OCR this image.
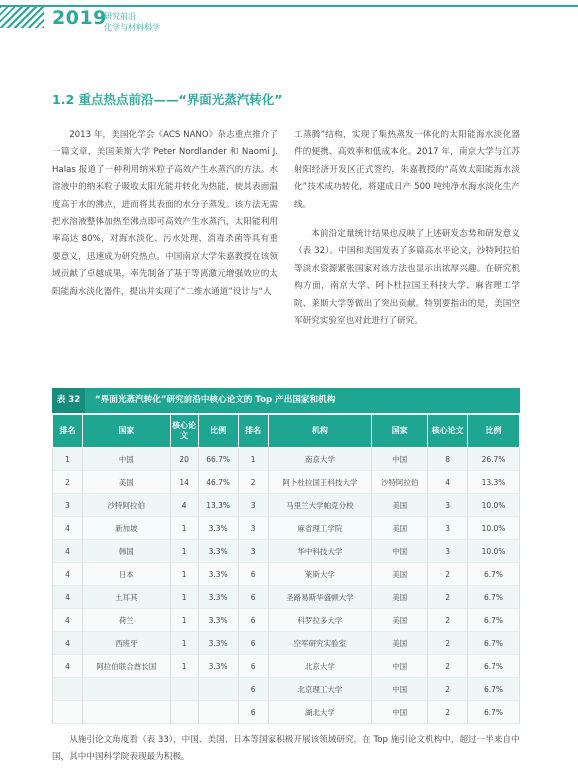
2019
研究前沿
化学与材料科学
1.2 重点热点前沿——“界面光蒸汽转化”

2013 年，美国化学会《ACS NANO》杂志重点推介了一篇文章，美国莱斯大学 Peter Nordlander 和 Naomi J. Halas 报道了一种利用纳米粒子高效产生水蒸汽的方法。水溶液中的纳米粒子吸收太阳光能并转化为热能，使其表面温度高于水的沸点，进而将其表面的水分子蒸发。该方法无需把水溶液整体加热至沸点即可高效产生水蒸汽，太阳能利用率高达 80%，对海水淡化、污水处理、消毒杀菌等具有重要意义，迅速成为研究热点。中国南京大学朱嘉教授在该领域贡献了卓越成果，率先制备了基于等离激元增强效应的太阳能海水淡化器件，提出并实现了“二维水通道”设计与“人

工蒸腾”结构，实现了集热蒸发一体化的太阳能海水淡化器件的便携、高效率和低成本化。2017 年，南京大学与江苏射阳经济开发区正式签约，朱嘉教授的“高效太阳能海水淡化”技术成功转化，将建成日产 500 吨纯净水海水淡化生产线。

本前沿定量统计结果也反映了上述研发态势和研发意义（表 32）。中国和美国发表了多篇高水平论文，沙特阿拉伯等淡水资源紧张国家对该方法也显示出浓厚兴趣。在研究机构方面，南京大学、阿卜杜拉国王科技大学、麻省理工学院、莱斯大学等做出了突出贡献。特别要指出的是，美国空军研究实验室也对此进行了研究。

表 32	“界面光蒸汽转化”研究前沿中核心论文的 Top 产出国家和机构
排名	国家	核心论文	比例	排名	机构	国家	核心论文	比例
1	中国	20	66.7%	1	南京大学	中国	8	26.7%
2	美国	14	46.7%	2	阿卜杜拉国王科技大学	沙特阿拉伯	4	13.3%
3	沙特阿拉伯	4	13.3%	3	马里兰大学帕克分校	美国	3	10.0%
4	新加坡	1	3.3%	3	麻省理工学院	美国	3	10.0%
4	韩国	1	3.3%	3	华中科技大学	中国	3	10.0%
4	日本	1	3.3%	6	莱斯大学	美国	2	6.7%
4	土耳其	1	3.3%	6	圣路易斯华盛顿大学	美国	2	6.7%
4	荷兰	1	3.3%	6	科罗拉多大学	美国	2	6.7%
4	西班牙	1	3.3%	6	空军研究实验室	美国	2	6.7%
4	阿拉伯联合酋长国	1	3.3%	6	北京大学	中国	2	6.7%
				6	北京理工大学	中国	2	6.7%
				6	湖北大学	中国	2	6.7%

从施引论文角度看（表 33），中国、美国、日本等国家积极开展该领域研究，在 Top 施引论文机构中，超过一半来自中国，其中中国科学院表现最为积极。
